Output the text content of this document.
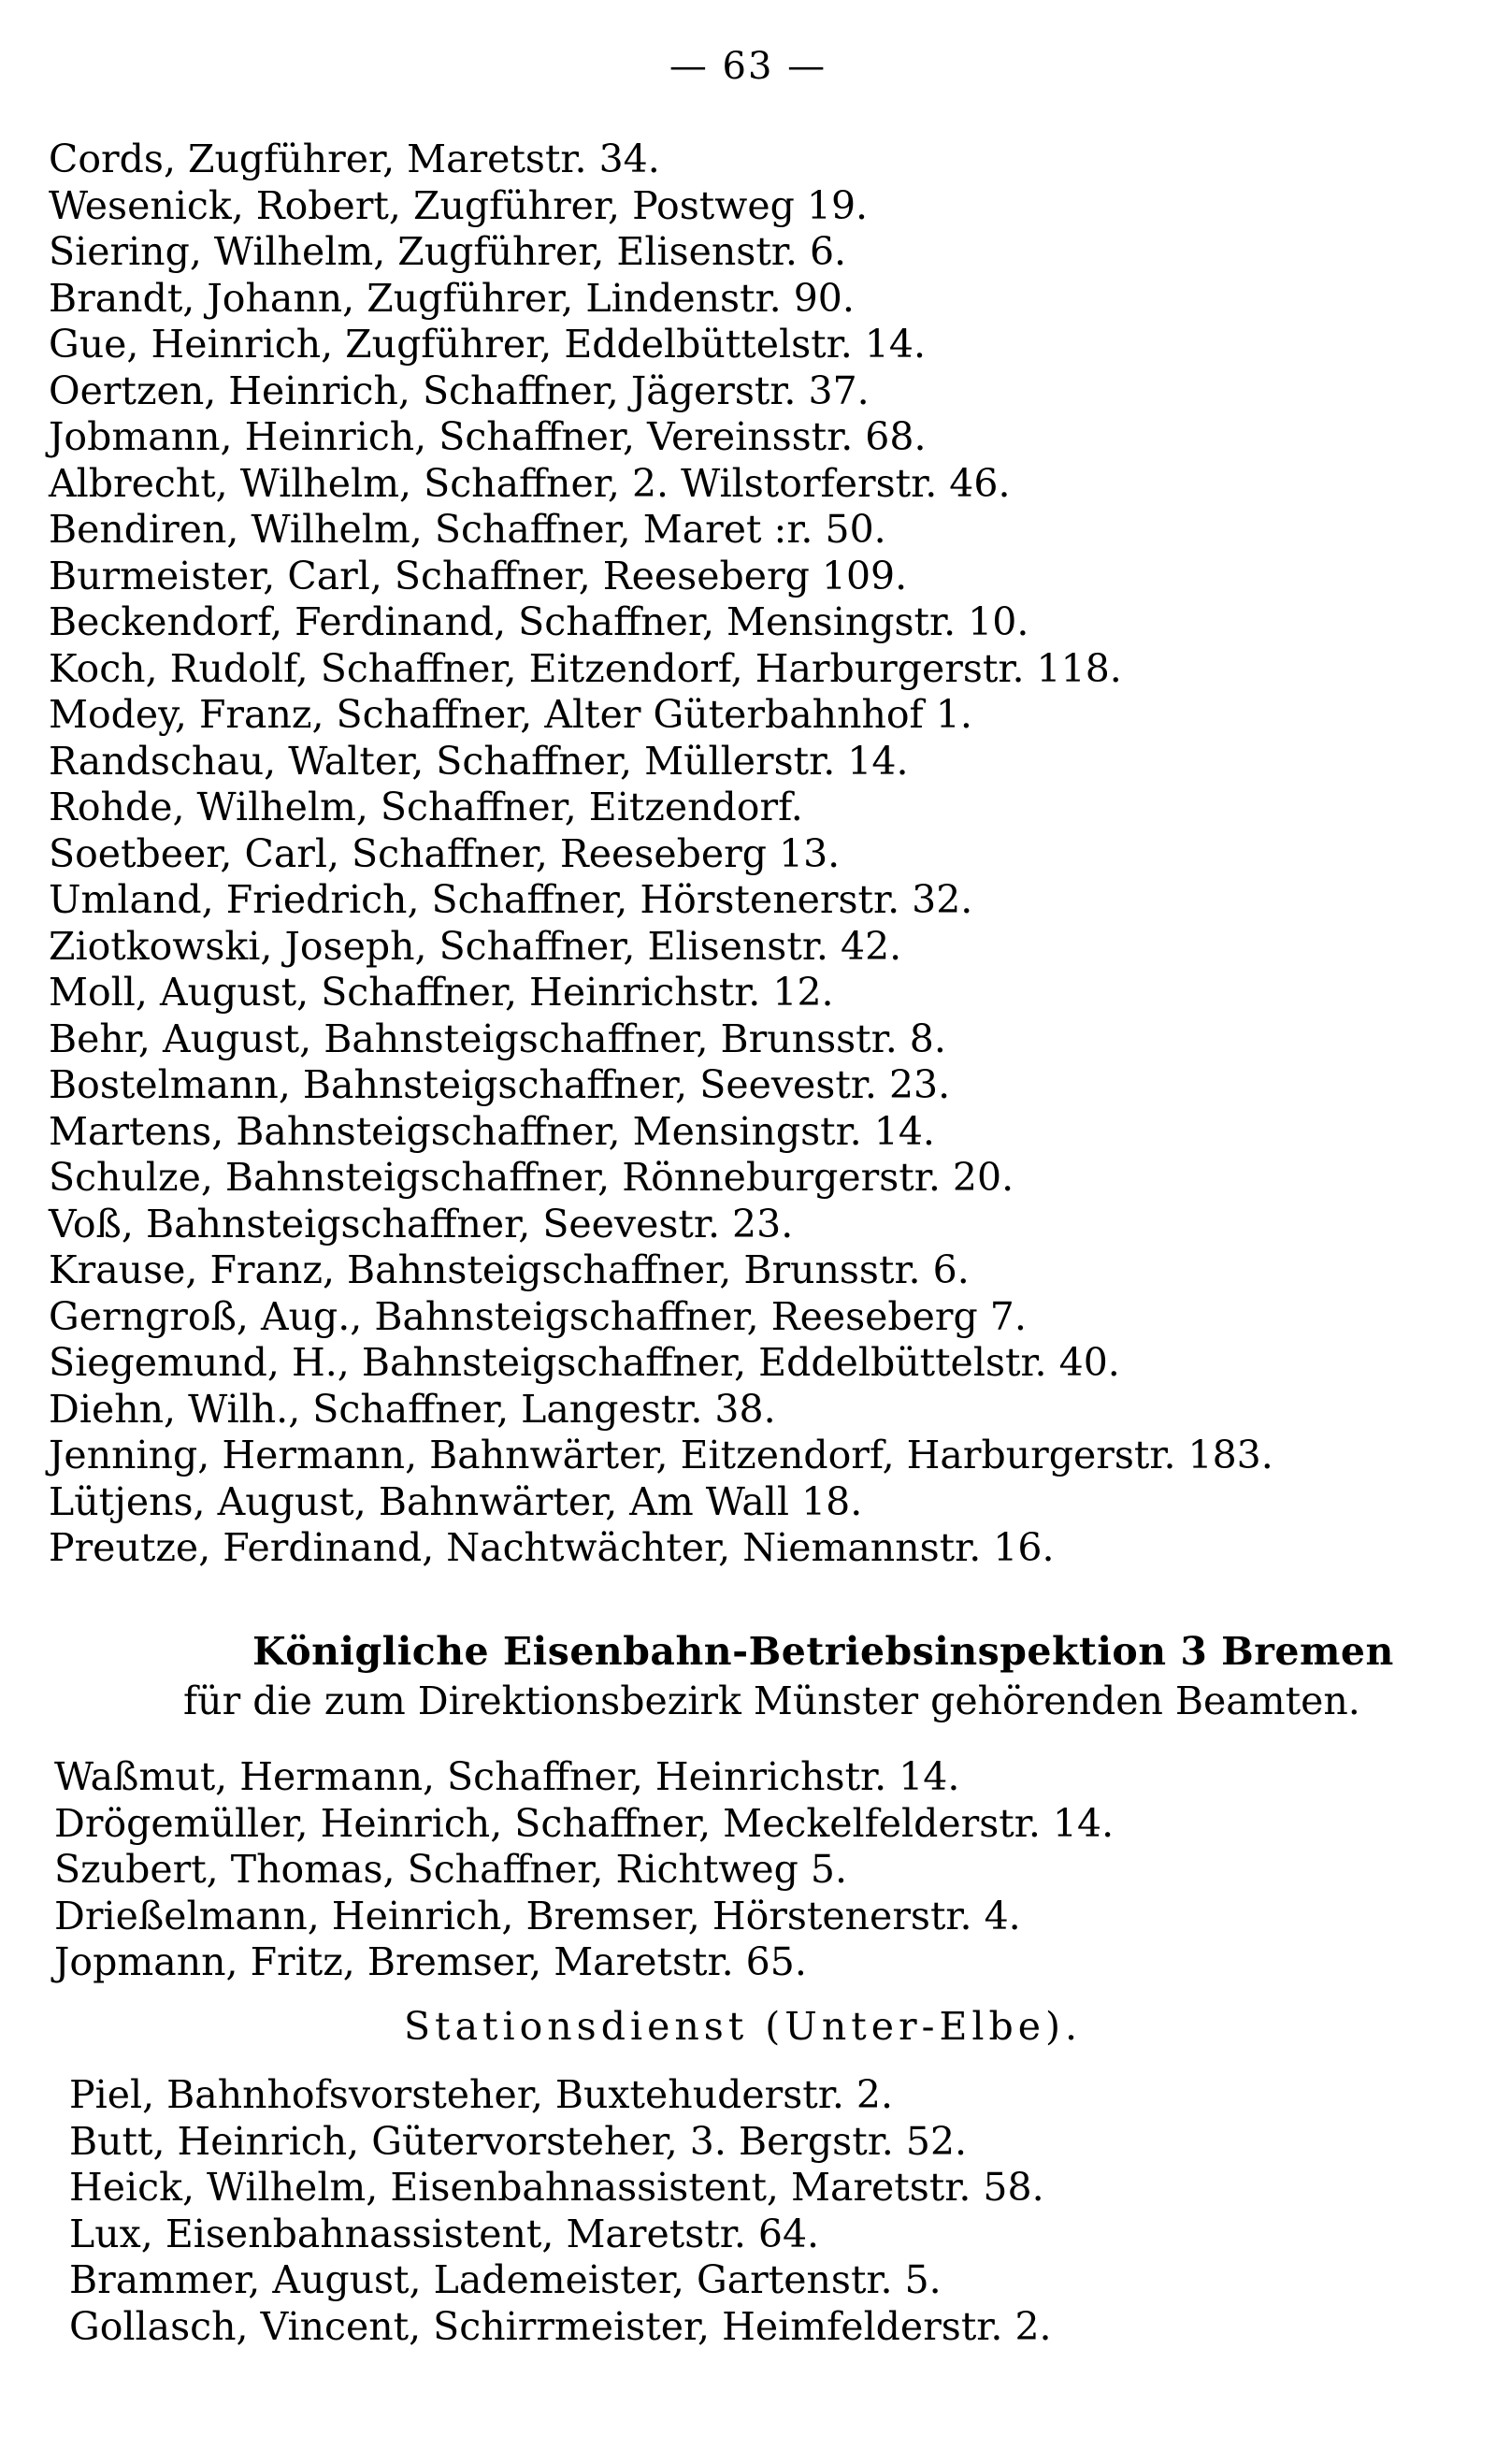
— 63 —
Cords, Zugführer, Maretstr. 34.
Wesenick, Robert, Zugführer, Postweg 19.
Siering, Wilhelm, Zugführer, Elisenstr. 6.
Brandt, Johann, Zugführer, Lindenstr. 90.
Gue, Heinrich, Zugführer, Eddelbüttelstr. 14.
Oertzen, Heinrich, Schaffner, Jägerstr. 37.
Jobmann, Heinrich, Schaffner, Vereinsstr. 68.
Albrecht, Wilhelm, Schaffner, 2. Wilstorferstr. 46.
Bendiren, Wilhelm, Schaffner, Maret :r. 50.
Burmeister, Carl, Schaffner, Reeseberg 109.
Beckendorf, Ferdinand, Schaffner, Mensingstr. 10.
Koch, Rudolf, Schaffner, Eitzendorf, Harburgerstr. 118.
Modey, Franz, Schaffner, Alter Güterbahnhof 1.
Randschau, Walter, Schaffner, Müllerstr. 14.
Rohde, Wilhelm, Schaffner, Eitzendorf.
Soetbeer, Carl, Schaffner, Reeseberg 13.
Umland, Friedrich, Schaffner, Hörstenerstr. 32.
Ziotkowski, Joseph, Schaffner, Elisenstr. 42.
Moll, August, Schaffner, Heinrichstr. 12.
Behr, August, Bahnsteigschaffner, Brunsstr. 8.
Bostelmann, Bahnsteigschaffner, Seevestr. 23.
Martens, Bahnsteigschaffner, Mensingstr. 14.
Schulze, Bahnsteigschaffner, Rönneburgerstr. 20.
Voß, Bahnsteigschaffner, Seevestr. 23.
Krause, Franz, Bahnsteigschaffner, Brunsstr. 6.
Gerngroß, Aug., Bahnsteigschaffner, Reeseberg 7.
Siegemund, H., Bahnsteigschaffner, Eddelbüttelstr. 40.
Diehn, Wilh., Schaffner, Langestr. 38.
Jenning, Hermann, Bahnwärter, Eitzendorf, Harburgerstr. 183.
Lütjens, August, Bahnwärter, Am Wall 18.
Preutze, Ferdinand, Nachtwächter, Niemannstr. 16.
Königliche Eisenbahn-Betriebsinspektion 3 Bremen
für die zum Direktionsbezirk Münster gehörenden Beamten.
Waßmut, Hermann, Schaffner, Heinrichstr. 14.
Drögemüller, Heinrich, Schaffner, Meckelfelderstr. 14.
Szubert, Thomas, Schaffner, Richtweg 5.
Drießelmann, Heinrich, Bremser, Hörstenerstr. 4.
Jopmann, Fritz, Bremser, Maretstr. 65.
Stationsdienst (Unter-Elbe).
Piel, Bahnhofsvorsteher, Buxtehuderstr. 2.
Butt, Heinrich, Gütervorsteher, 3. Bergstr. 52.
Heick, Wilhelm, Eisenbahnassistent, Maretstr. 58.
Lux, Eisenbahnassistent, Maretstr. 64.
Brammer, August, Lademeister, Gartenstr. 5.
Gollasch, Vincent, Schirrmeister, Heimfelderstr. 2.
